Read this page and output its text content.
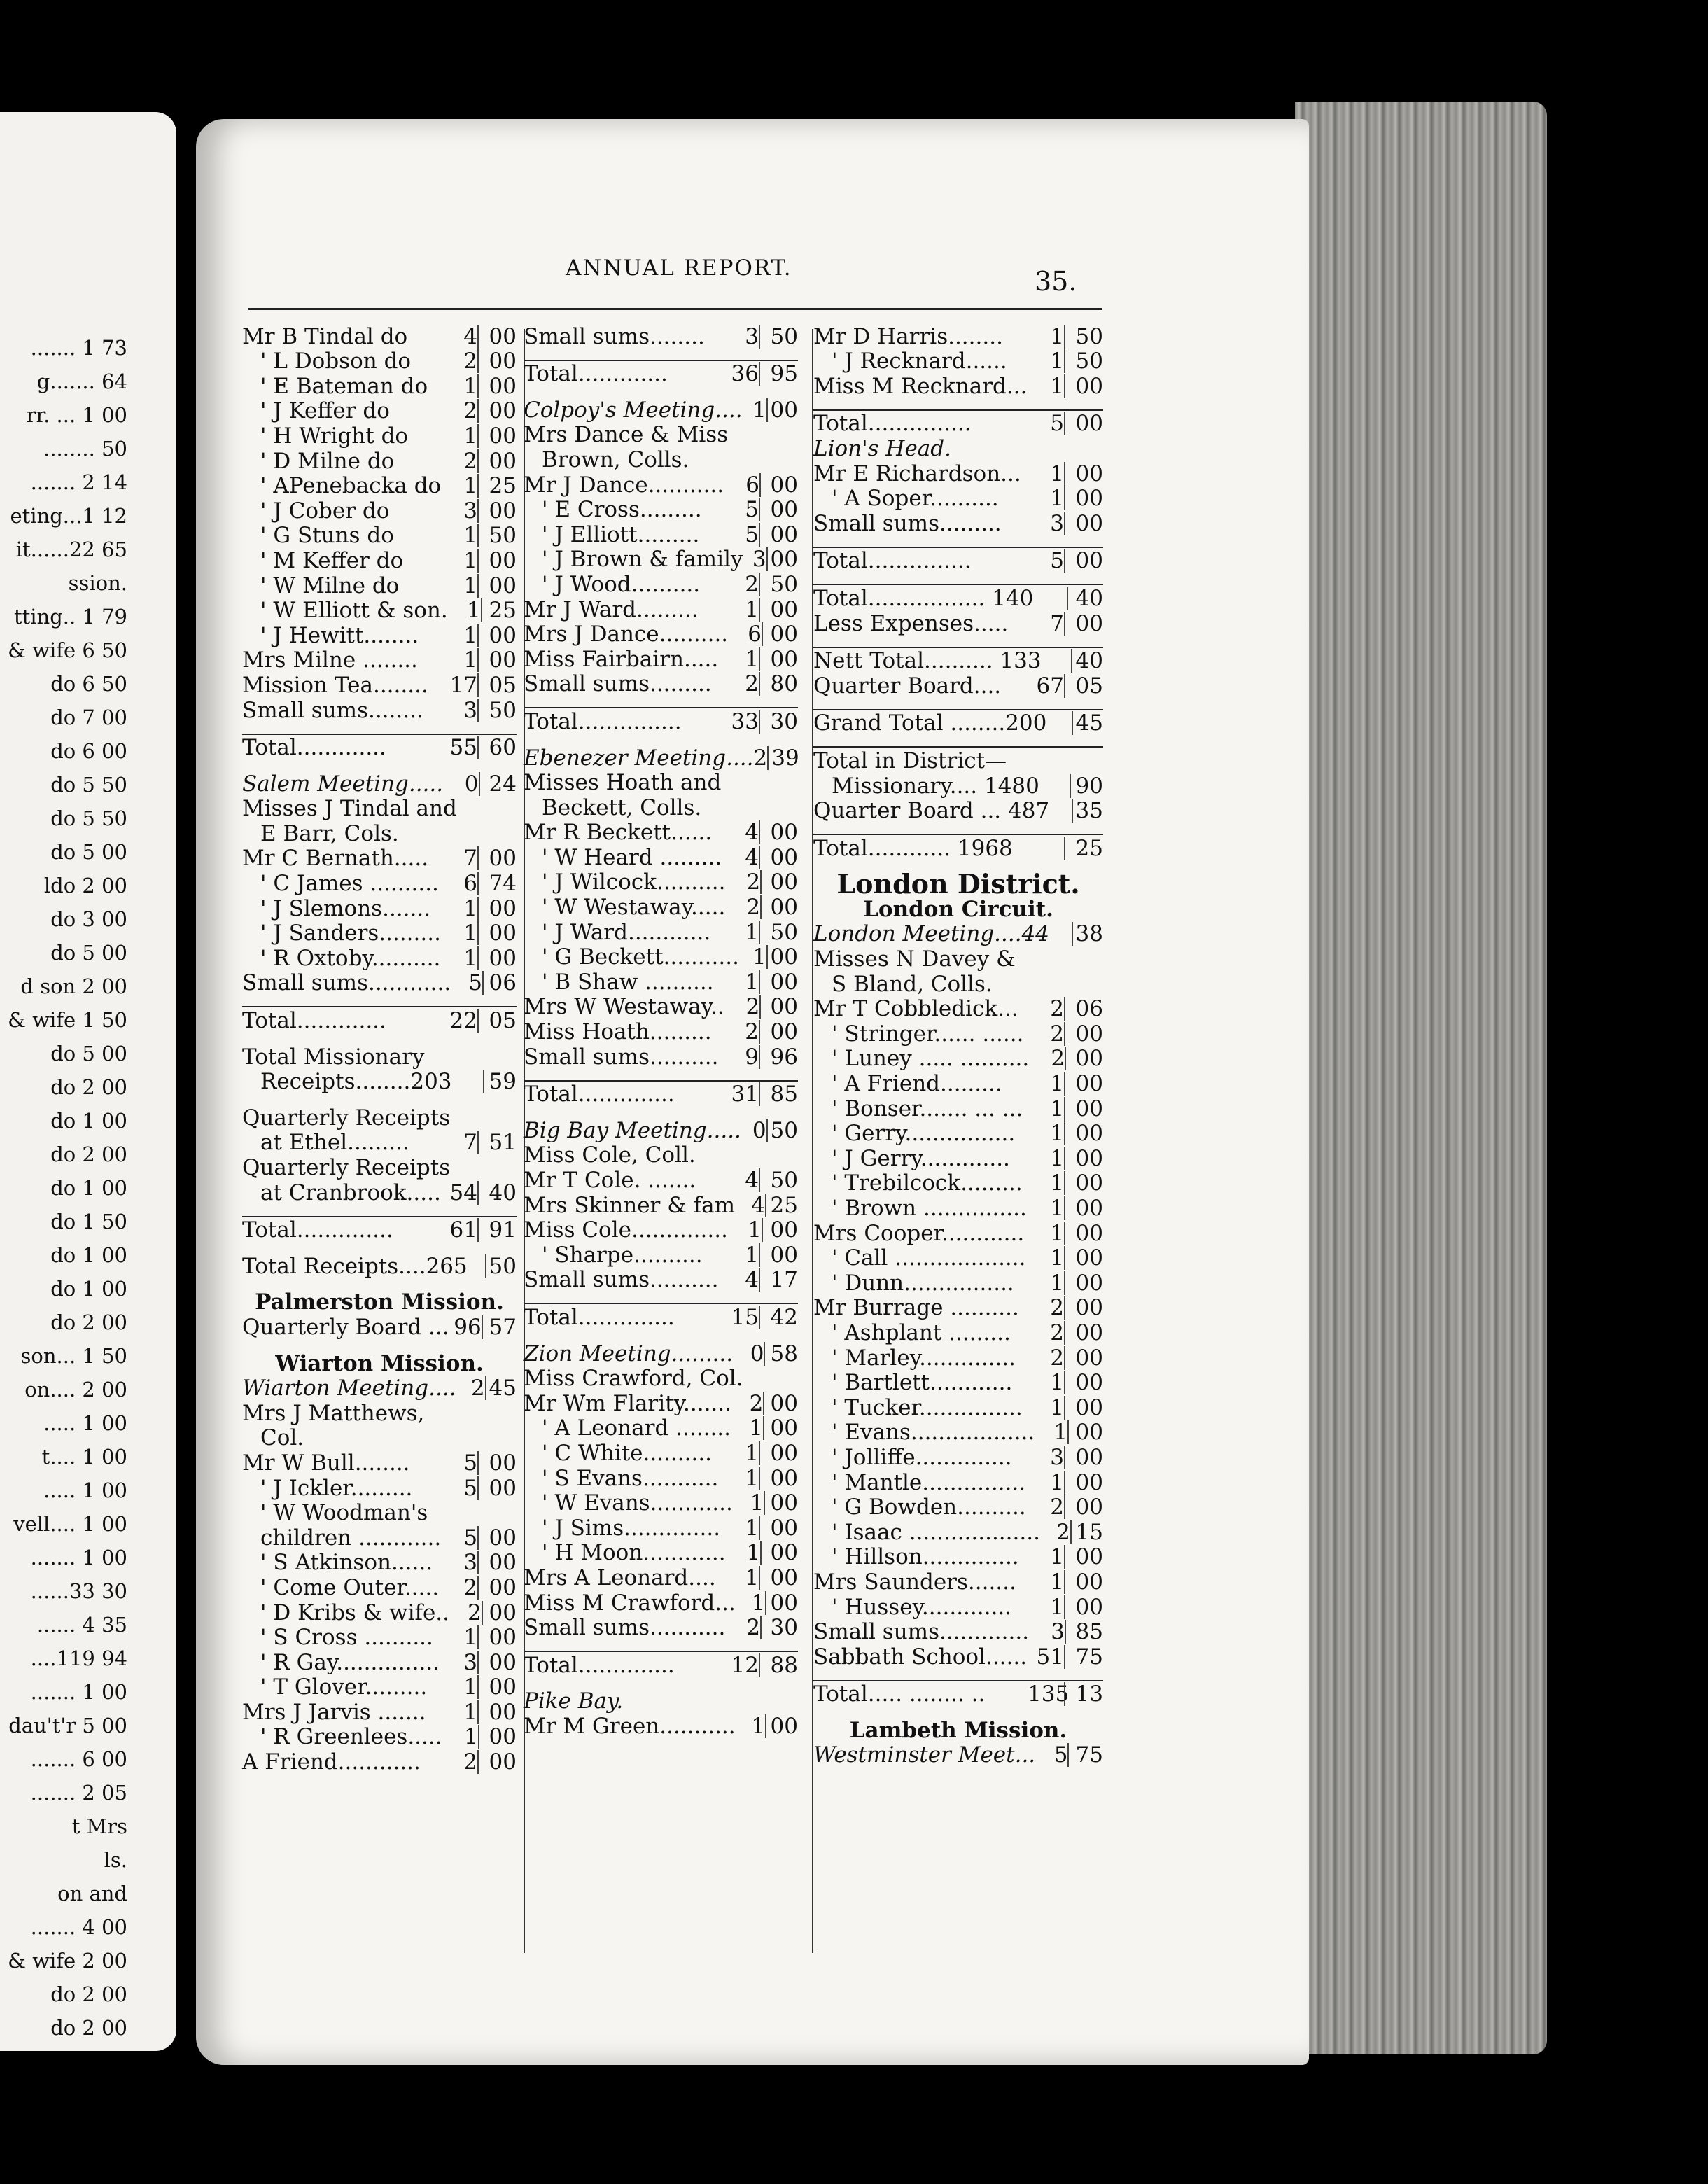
....... 1 73
g....... 64
rr. ... 1 00
........ 50
....... 2 14
eting...1 12
it......22 65
ssion.
tting.. 1 79
& wife 6 50
do 6 50
do 7 00
do 6 00
do 5 50
do 5 50
do 5 00
ldo 2 00
do 3 00
do 5 00
d son 2 00
& wife 1 50
do 5 00
do 2 00
do 1 00
do 2 00
do 1 00
do 1 50
do 1 00
do 1 00
do 2 00
son... 1 50
on.... 2 00
..... 1 00
t.... 1 00
..... 1 00
vell.... 1 00
....... 1 00
......33 30
...... 4 35
....119 94
....... 1 00
dau't'r 5 00
....... 6 00
....... 2 05
t Mrs
ls.
on and
....... 4 00
& wife 2 00
do 2 00
do 2 00
ANNUAL REPORT.	35.
Mr B Tindal do	4 00
' L Dobson do	2 00
' E Bateman do	1 00
' J Keffer do	2 00
' H Wright do	1 00
' D Milne do	2 00
' APenebacka do	1 25
' J Cober do	3 00
' G Stuns do	1 50
' M Keffer do	1 00
' W Milne do	1 00
' W Elliott & son. 1 25
' J Hewitt........	1 00
Mrs Milne ........	1 00
Mission Tea........ 17 05
Small sums........	3 50
Total.............	55 60
Salem Meeting..... 0 24
Misses J Tindal and
E Barr, Cols.
Mr C Bernath.....	7 00
' C James ..........	6 74
' J Slemons.......	1 00
' J Sanders.........	1 00
' R Oxtoby..........	1 00
Small sums............ 5 06
Total.............	22 05
Total Missionary
Receipts........203 59
Quarterly Receipts
at Ethel.........	7 51
Quarterly Receipts
at Cranbrook..... 54 40
Total..............	61 91
Total Receipts....265 50
Palmerston Mission.
Quarterly Board ... 96 57
Wiarton Mission.
Wiarton Meeting.... 2 45
Mrs J Matthews,
Col.
Mr W Bull........	5 00
' J Ickler.........	5 00
' W Woodman's
children ............	5 00
' S Atkinson......	3 00
' Come Outer.....	2 00
' D Kribs & wife.. 2 00
' S Cross ..........	1 00
' R Gay...............	3 00
' T Glover.........	1 00
Mrs J Jarvis .......	1 00
' R Greenlees.....	1 00
A Friend............	2 00
Small sums........	3 50
Total.............	36 95
Colpoy's Meeting.... 1 00
Mrs Dance & Miss
Brown, Colls.
Mr J Dance...........	6 00
' E Cross.........	5 00
' J Elliott.........	5 00
' J Brown & family 3 00
' J Wood..........	2 50
Mr J Ward.........	1 00
Mrs J Dance.......... 6 00
Miss Fairbairn.....	1 00
Small sums.........	2 80
Total...............	33 30
Ebenezer Meeting.... 2 39
Misses Hoath and
Beckett, Colls.
Mr R Beckett......	4 00
' W Heard .........	4 00
' J Wilcock.......... 2 00
' W Westaway..... 2 00
' J Ward............	1 50
' G Beckett........... 1 00
' B Shaw ..........	1 00
Mrs W Westaway.. 2 00
Miss Hoath.........	2 00
Small sums..........	9 96
Total..............	31 85
Big Bay Meeting..... 0 50
Miss Cole, Coll.
Mr T Cole. .......	4 50
Mrs Skinner & fam 4 25
Miss Cole.............. 1 00
' Sharpe..........	1 00
Small sums..........	4 17
Total..............	15 42
Zion Meeting......... 0 58
Miss Crawford, Col.
Mr Wm Flarity....... 2 00
' A Leonard ........ 1 00
' C White..........	1 00
' S Evans...........	1 00
' W Evans............ 1 00
' J Sims..............	1 00
' H Moon............ 1 00
Mrs A Leonard....	1 00
Miss M Crawford... 1 00
Small sums........... 2 30
Total..............	12 88
Pike Bay.
Mr M Green........... 1 00
Mr D Harris........	1 50
' J Recknard......	1 50
Miss M Recknard...	1 00
Total...............	5 00
Lion's Head.
Mr E Richardson...	1 00
' A Soper..........	1 00
Small sums.........	3 00
Total...............	5 00
Total................. 140	40
Less Expenses.....	7 00
Nett Total.......... 133 40
Quarter Board....	67 05
Grand Total ........200 45
Total in District—
Missionary.... 1480 90
Quarter Board ... 487 35
Total............ 1968	25
London District.
London Circuit.
London Meeting....44 38
Misses N Davey &
S Bland, Colls.
Mr T Cobbledick...	2 06
' Stringer...... ......	2 00
' Luney ..... ..........	2 00
' A Friend.........	1 00
' Bonser....... ... ...	1 00
' Gerry................	1 00
' J Gerry.............	1 00
' Trebilcock.........	1 00
' Brown ...............	1 00
Mrs Cooper............	1 00
' Call ...................	1 00
' Dunn................	1 00
Mr Burrage ..........	2 00
' Ashplant .........	2 00
' Marley..............	2 00
' Bartlett............	1 00
' Tucker...............	1 00
' Evans.................. 1 00
' Jolliffe..............	3 00
' Mantle...............	1 00
' G Bowden..........	2 00
' Isaac ................... 2 15
' Hillson..............	1 00
Mrs Saunders.......	1 00
' Hussey.............	1 00
Small sums.............	3 85
Sabbath School...... 51 75
Total..... ........ ..	135 13
Lambeth Mission.
Westminster Meet... 5 75
